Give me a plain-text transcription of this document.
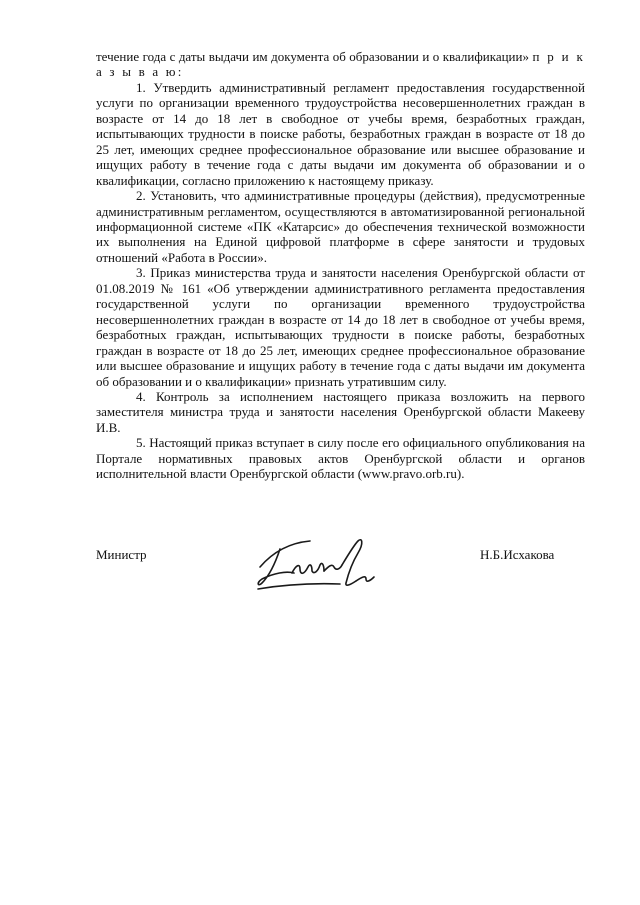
течение года с даты выдачи им документа об образовании и о квалификации» п р и к а з ы в а ю:

1. Утвердить административный регламент предоставления государственной услуги по организации временного трудоустройства несовершеннолетних граждан в возрасте от 14 до 18 лет в свободное от учебы время, безработных граждан, испытывающих трудности в поиске работы, безработных граждан в возрасте от 18 до 25 лет, имеющих среднее профессиональное образование или высшее образование и ищущих работу в течение года с даты выдачи им документа об образовании и о квалификации, согласно приложению к настоящему приказу.

2. Установить, что административные процедуры (действия), предусмотренные административным регламентом, осуществляются в автоматизированной региональной информационной системе «ПК «Катарсис» до обеспечения технической возможности их выполнения на Единой цифровой платформе в сфере занятости и трудовых отношений «Работа в России».

3. Приказ министерства труда и занятости населения Оренбургской области от 01.08.2019 № 161 «Об утверждении административного регламента предоставления государственной услуги по организации временного трудоустройства несовершеннолетних граждан в возрасте от 14 до 18 лет в свободное от учебы время, безработных граждан, испытывающих трудности в поиске работы, безработных граждан в возрасте от 18 до 25 лет, имеющих среднее профессиональное образование или высшее образование и ищущих работу в течение года с даты выдачи им документа об образовании и о квалификации» признать утратившим силу.

4. Контроль за исполнением настоящего приказа возложить на первого заместителя министра труда и занятости населения Оренбургской области Макееву И.В.

5. Настоящий приказ вступает в силу после его официального опубликования на Портале нормативных правовых актов Оренбургской области и органов исполнительной власти Оренбургской области (www.pravo.orb.ru).

Министр	Н.Б.Исхакова
